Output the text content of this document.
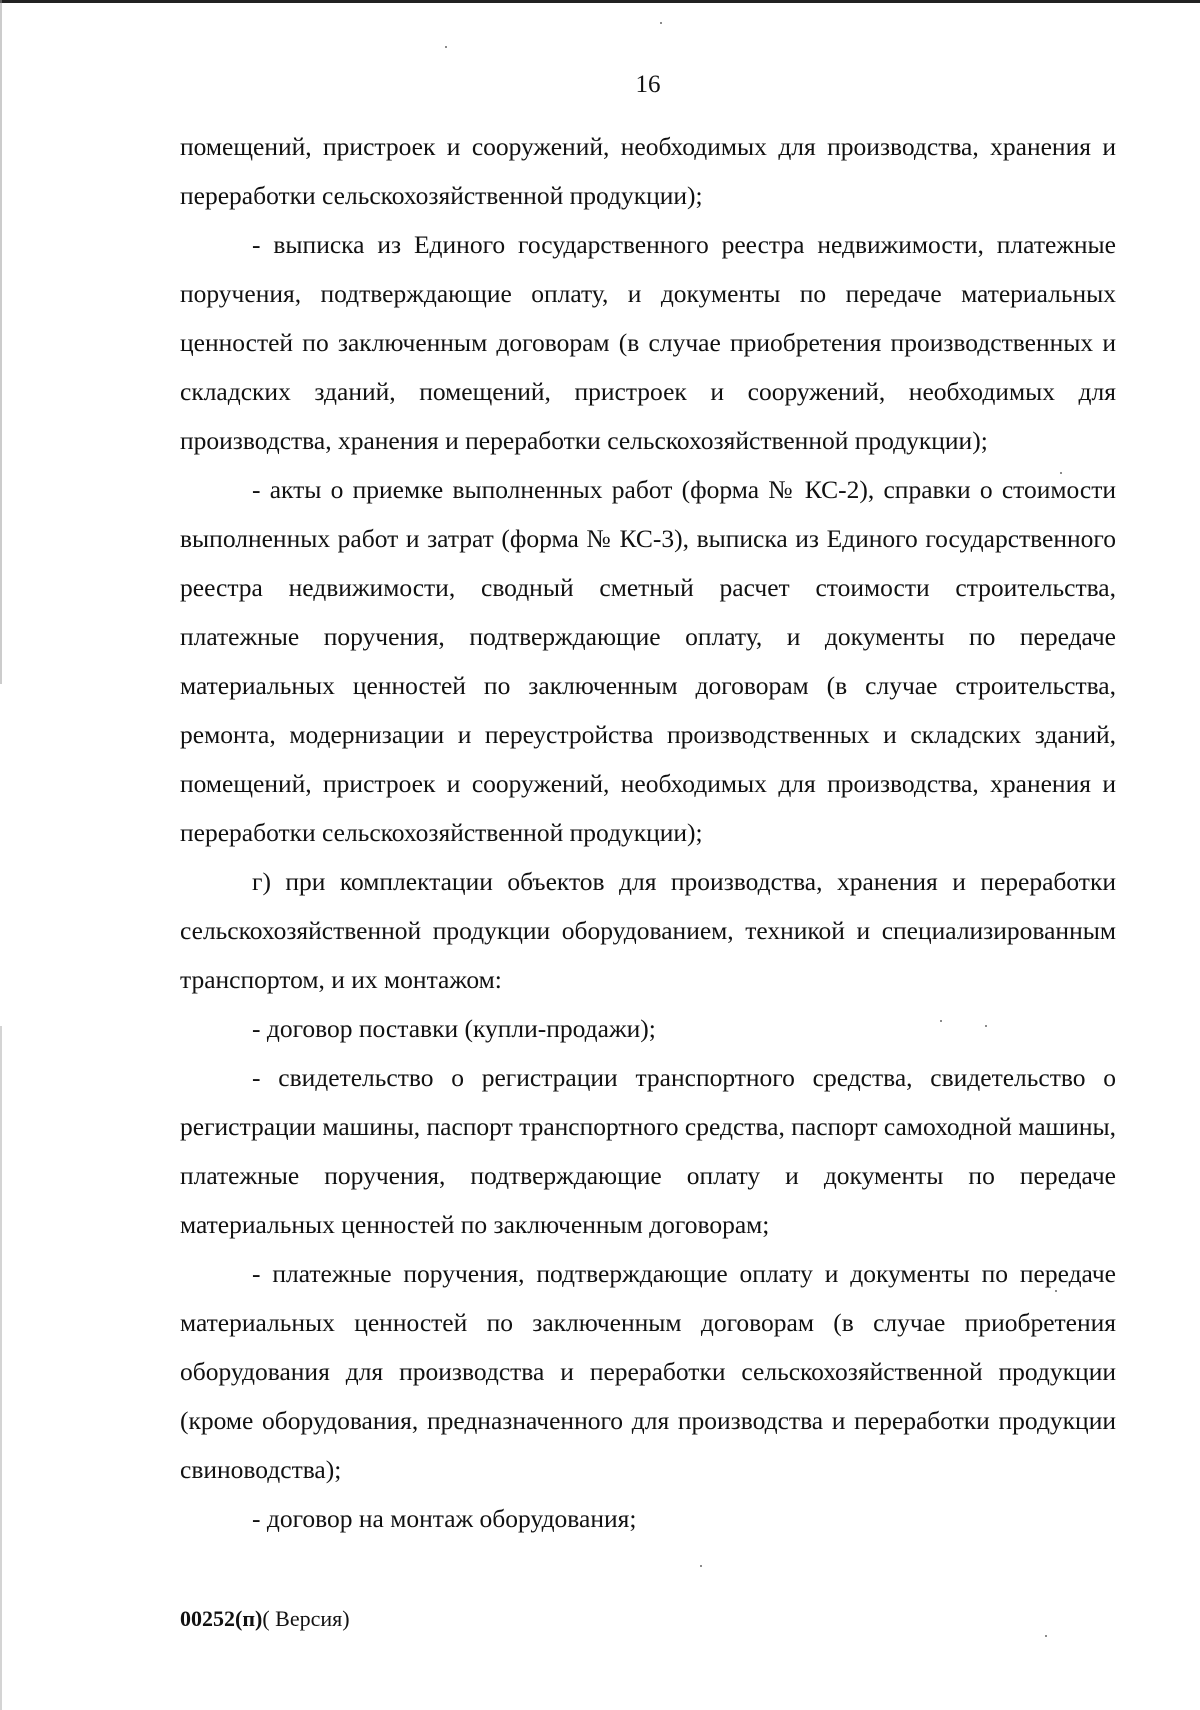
16

помещений, пристроек и сооружений, необходимых для производства, хранения и переработки сельскохозяйственной продукции);

- выписка из Единого государственного реестра недвижимости, платежные поручения, подтверждающие оплату, и документы по передаче материальных ценностей по заключенным договорам (в случае приобретения производственных и складских зданий, помещений, пристроек и сооружений, необходимых для производства, хранения и переработки сельскохозяйственной продукции);

- акты о приемке выполненных работ (форма № КС-2), справки о стоимости выполненных работ и затрат (форма № КС-3), выписка из Единого государственного реестра недвижимости, сводный сметный расчет стоимости строительства, платежные поручения, подтверждающие оплату, и документы по передаче материальных ценностей по заключенным договорам (в случае строительства, ремонта, модернизации и переустройства производственных и складских зданий, помещений, пристроек и сооружений, необходимых для производства, хранения и переработки сельскохозяйственной продукции);

г) при комплектации объектов для производства, хранения и переработки сельскохозяйственной продукции оборудованием, техникой и специализированным транспортом, и их монтажом:

- договор поставки (купли-продажи);

- свидетельство о регистрации транспортного средства, свидетельство о регистрации машины, паспорт транспортного средства, паспорт самоходной машины, платежные поручения, подтверждающие оплату и документы по передаче материальных ценностей по заключенным договорам;

- платежные поручения, подтверждающие оплату и документы по передаче материальных ценностей по заключенным договорам (в случае приобретения оборудования для производства и переработки сельскохозяйственной продукции (кроме оборудования, предназначенного для производства и переработки продукции свиноводства);

- договор на монтаж оборудования;

00252(п)( Версия)
